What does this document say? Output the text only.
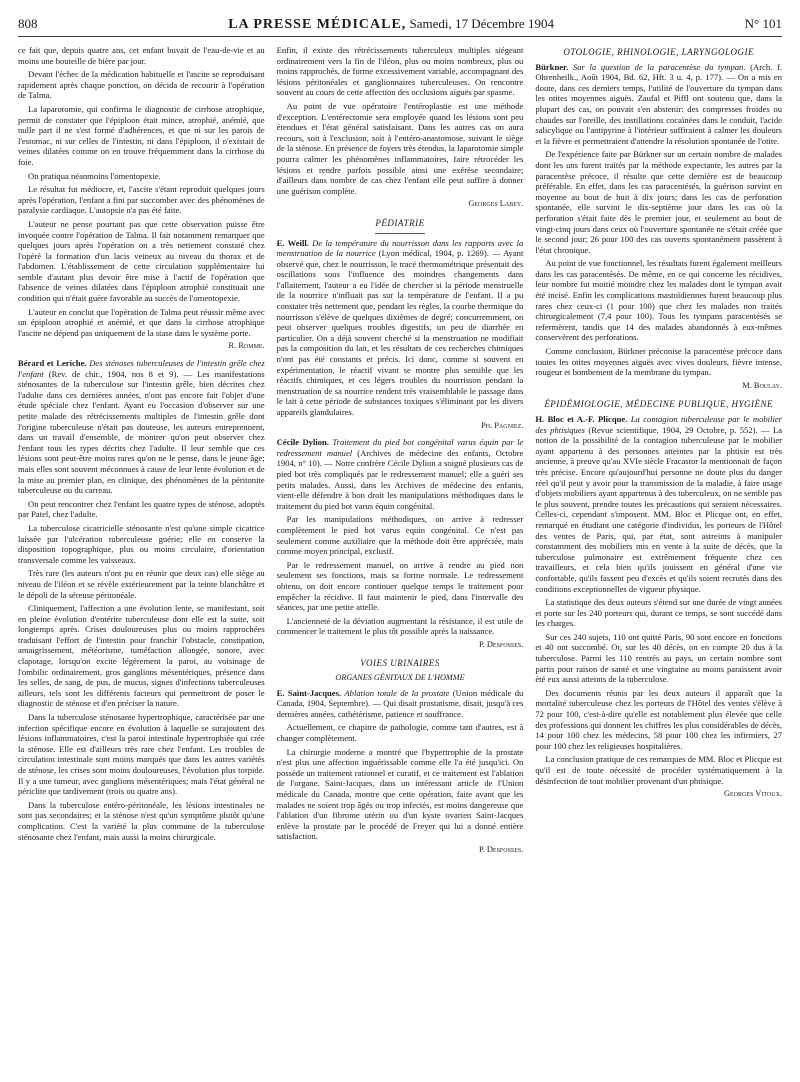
808	LA PRESSE MÉDICALE, Samedi, 17 Décembre 1904	N° 101

ce fait que, depuis quatre ans, cet enfant buvait de l'eau-de-vie et au moins une bouteille de bière par jour.

Devant l'échec de la médication habituelle et l'ascite se reproduisant rapidement après chaque ponction, on décida de recourir à l'opération de Talma.

La laparotomie, qui confirma le diagnostic de cirrhose atrophique, permit de constater que l'épiploon était mince, atrophié, anémié, que nulle part il ne s'est formé d'adhérences, et que ni sur les parois de l'estomac, ni sur celles de l'intestin, ni dans l'épiploon, il n'existait de veines dilatées comme on en trouve fréquemment dans la cirrhose du foie.

On pratiqua néanmoins l'omentopexie.

Le résultat fut médiocre, et, l'ascite s'étant reproduit quelques jours après l'opération, l'enfant a fini par succomber avec des phénomènes de paralysie cardiaque. L'autopsie n'a pas été faite.

L'auteur ne pense pourtant pas que cette observation puisse être invoquée contre l'opération de Talma. Il fait notamment remarquer que quelques jours après l'opération on a très nettement constaté chez l'opéré la formation d'un lacis veineux au niveau du thorax et de l'abdomen. L'établissement de cette circulation supplémentaire lui semble d'autant plus devoir être mise à l'actif de l'opération que l'absence de veines dilatées dans l'épiploon atrophié constituait une condition qui n'était guère favorable au succès de l'omentopexie.

L'auteur en conclut que l'opération de Talma peut réussir même avec un épiploon atrophié et anémié, et que dans la cirrhose atrophique l'ascite ne dépend pas uniquement de la stase dans le système porte.

R. Romme.

Bérard et Leriche. Des sténoses tuberculeuses de l'intestin grêle chez l'enfant (Rev. de chir., 1904, nos 8 et 9). — Les manifestations sténosantes de la tuberculose sur l'intestin grêle, bien décrites chez l'adulte dans ces dernières années, n'ont pas encore fait l'objet d'une étude spéciale chez l'enfant. Ayant eu l'occasion d'observer sur une petite malade des rétrécissements multiples de l'intestin grêle dont l'origine tuberculeuse n'était pas douteuse, les auteurs entreprennent, dans un travail d'ensemble, de montrer qu'on peut observer chez l'enfant tous les types décrits chez l'adulte. Il leur semble que ces lésions sont peut-être moins rares qu'on ne le pense, dans le jeune âge; mais elles sont souvent méconnues à cause de leur lente évolution et de la mise au premier plan, en clinique, des phénomènes de la péritonite tuberculeuse ou du carreau.

On peut rencontrer chez l'enfant les quatre types de sténose, adoptés par Patel, chez l'adulte.

La tuberculose cicatricielle sténosante n'est qu'une simple cicatrice laissée par l'ulcération tuberculeuse guérie; elle en conserve la disposition topographique, plus ou moins circulaire, d'orientation transversale comme les vaisseaux.

Très rare (les auteurs n'ont pu en réunir que deux cas) elle siège au niveau de l'iléon et se révèle extérieurement par la teinte blanchâtre et le dépoli de la séreuse péritonéale.

Cliniquement, l'affection a une évolution lente, se manifestant, soit en pleine évolution d'entérite tuberculeuse dont elle est la suite, soit longtemps après. Crises douloureuses plus ou moins rapprochées traduisant l'effort de l'intestin pour franchir l'obstacle, constipation, amaigrissement, météorisme, tuméfaction allongée, sonore, avec clapotage, lorsqu'on excite légèrement la paroi, au voisinage de l'ombilic ordinairement, gros ganglions mésentériques, présence dans les selles, de sang, de pus, de mucus, signes d'infections tuberculeuses ailleurs, tels sont les différents facteurs qui permettront de poser le diagnostic de sténose et d'en préciser la nature.

Dans la tuberculose sténosante hypertrophique, caractérisée par une infection spécifique encore en évolution à laquelle se surajoutent des lésions inflammatoires, c'est la paroi intestinale hypertrophiée qui crée la sténose. Elle est d'ailleurs très rare chez l'enfant. Les troubles de circulation intestinale sont moins marqués que dans les autres variétés de sténose, les crises sont moins douloureuses, l'évolution plus torpide. Il y a une tumeur, avec ganglions mésentériques; mais l'état général ne périclite que tardivement (trois ou quatre ans).

Dans la tuberculose entéro-péritonéale, les lésions intestinales ne sont pas secondaires; et la sténose n'est qu'un symptôme plutôt qu'une complication. C'est la variété la plus commune de la tuberculose sténosante chez l'enfant, mais aussi la moins chirurgicale.

Enfin, il existe des rétrécissements tuberculeux multiples siégeant ordinairement vers la fin de l'iléon, plus ou moins nombreux, plus ou moins rapprochés, de forme excessivement variable, accompagnant des lésions péritonéales et ganglionnaires tuberculeuses. On rencontre souvent au cours de cette affection des occlusions aiguës par spasme.

Au point de vue opératoire l'entéroplastie est une méthode d'exception. L'entérectomie sera employée quand les lésions sont peu étendues et l'état général satisfaisant. Dans les autres cas on aura recours, soit à l'exclusion, soit à l'entéro-anastomose, suivant le siège de la sténose. En présence de foyers très étendus, la laparotomie simple pourra calmer les phénomènes inflammatoires, faire rétrocéder les lésions et rendre parfois possible ainsi une exérèse secondaire; d'ailleurs dans nombre de cas chez l'enfant elle peut suffire à donner une guérison complète.

Georges Labey.
PÉDIATRIE

E. Weill. De la température du nourrisson dans les rapports avec la menstruation de la nourrice (Lyon médical, 1904, p. 1269). — Ayant observé que, chez le nourrisson, le tracé thermométrique présentait des oscillations sous l'influence des moindres changements dans l'allaitement, l'auteur a eu l'idée de chercher si la période menstruelle de la nourrice n'influait pas sur la température de l'enfant. Il a pu constater très nettement que, pendant les règles, la courbe thermique du nourrisson s'élève de quelques dixièmes de degré; concurremment, on peut observer quelques troubles digestifs, un peu de diarrhée en particulier. On a déjà souvent cherché si la menstruation ne modifiait pas la composition du lait, et les résultats de ces recherches chimiques n'ont pas été constants et précis. Ici donc, comme si souvent en expérimentation, le réactif vivant se montre plus sensible que les réactifs chimiques, et ces légers troubles du nourrisson pendant la menstruation de sa nourrice rendent très vraisemblable le passage dans le lait à cette période de substances toxiques s'éliminant par les divers appareils glandulaires.

Ph. Pagniez.

Cécile Dylion. Traitement du pied bot congénital varus équin par le redressement manuel (Archives de médecine des enfants, Octobre 1904, n° 10). — Notre confrère Cécile Dylion a soigné plusieurs cas de pied bot très compliqués par le redressement manuel; elle a guéri ses petits malades. Aussi, dans les Archives de médecine des enfants, vient-elle défendre à bon droit les manipulations méthodiques dans le traitement du pied bot varus équin congénital.

Par les manipulations méthodiques, on arrive à redresser complètement le pied bot varus equin congénital. Ce n'est pas seulement comme auxiliaire que la méthode doit être appréciée, mais comme moyen principal, exclusif.

Par le redressement manuel, on arrive à rendre au pied non seulement ses fonctions, mais sa forme normale. Le redressement obtenu, on doit encore continuer quelque temps le traitement pour empêcher la récidive. Il faut maintenir le pied, dans l'intervalle des séances, par une petite attelle.

L'ancienneté de la déviation augmentant la résistance, il est utile de commencer le traitement le plus tôt possible après la naissance.

P. Desfosses.
VOIES URINAIRES
ORGANES GÉNITAUX DE L'HOMME

E. Saint-Jacques. Ablation totale de la prostate (Union médicale du Canada, 1904, Septembre). — Qui disait prostatisme, disait, jusqu'à ces dernières années, cathétérisme, patience et souffrance.

Actuellement, ce chapitre de pathologie, comme tant d'autres, est à changer complètement.

La chirurgie moderne a montré que l'hypertrophie de la prostate n'est plus une affection inguérissable comme elle l'a été jusqu'ici. On possède un traitement rationnel et curatif, et ce traitement est l'ablation de l'organe. Saint-Jacques, dans un intéressant article de l'Union médicale du Canada, montre que cette opération, faite avant que les malades ne soient trop âgés ou trop infectés, est moins dangereuse que l'ablation d'un fibrome utérin ou d'un kyste ovarien Saint-Jacques enlève la prostate par le procédé de Freyer qui lui a donné entière satisfaction.

P. Desfosses.
OTOLOGIE, RHINOLOGIE, LARYNGOLOGIE

Bürkner. Sur la question de la paracentèse du tympan. (Arch. f. Ohrenheilk., Août 1904, Bd. 62, Hft. 3 u. 4, p. 177). — On a mis en doute, dans ces derniers temps, l'utilité de l'ouverture du tympan dans les otites moyennes aiguës. Zaufal et Piffl ont soutenu que, dans la plupart des cas, on pouvait s'en abstenir: des compresses froides ou chaudes sur l'oreille, des instillations cocaïnées dans le conduit, l'acide salicylique ou l'antipyrine à l'intérieur suffiraient à calmer les douleurs et la fièvre et permettraient d'attendre la résolution spontanée de l'otite.

De l'expérience faite par Bürkner sur un certain nombre de malades dont les uns furent traités par la méthode expectante, les autres par la paracentèse précoce, il résulte que cette dernière est de beaucoup préférable. En effet, dans les cas paracentésés, la guérison survint en moyenne au bout de huit à dix jours; dans les cas de perforation spontanée, elle survint le dix-septième jour dans les cas où la perforation s'était faite dès le premier jour, et seulement au bout de vingt-cinq jours dans ceux où l'ouverture spontanée ne s'était créée que le second jour; 26 pour 100 des cas ouverts spontanément passèrent à l'état chronique.

Au point de vue fonctionnel, les résultats furent également meilleurs dans les cas paracentésés. De même, en ce qui concerne les récidives, leur nombre fut moitié moindre chez les malades dont le tympan avait été incisé. Enfin les complications mastoïdiennes furent beaucoup plus rares chez ceux-ci (1 pour 100) que chez les malades non traités chirurgicalement (7,4 pour 100). Tous les tympans paracentésés se refermèrent, tandis que 14 des malades abandonnés à eux-mêmes conservèrent des perforations.

Comme conclusion, Bürkner préconise la paracentèse précoce dans toutes les otites moyennes aiguës avec vives douleurs, fièvre intense, rougeur et bombement de la membrane du tympan.

M. Boulay.
ÉPIDÉMIOLOGIE, MÉDECINE PUBLIQUE, HYGIÈNE

H. Bloc et A.-F. Plicque. La contagion tuberculeuse par le mobilier des phtisiques (Revue scientifique, 1904, 29 Octobre, p. 552). — La notion de la possibilité de la contagion tuberculeuse par le mobilier ayant appartenu à des personnes atteintes par la phtisie est très ancienne, à preuve qu'au XVIe siècle Fracastor la mentionnait de façon très précise. Encore qu'aujourd'hui personne ne doute plus du danger réel qu'il peut y avoir pour la transmission de la maladie, à faire usage d'objets mobiliers ayant appartenus à des tuberculeux, on ne semble pas le plus souvent, prendre toutes les précautions qui seraient nécessaires. Celles-ci, cependant s'imposent. MM. Bloc et Plicque ont, en effet, remarqué en étudiant une catégorie d'individus, les porteurs de l'Hôtel des ventes de Paris, qui, par état, sont astreints à manipuler constamment des mobiliers mis en vente à la suite de décès, que la tuberculose pulmonaire est extrêmement fréquente chez ces travailleurs, et cela bien qu'ils jouissent en général d'une vie confortable, qu'ils fassent peu d'excès et qu'ils soient recrutés dans des conditions exceptionnelles de vigueur physique.

La statistique des deux auteurs s'étend sur une durée de vingt années et porte sur les 240 porteurs qui, durant ce temps, se sont succédé dans les charges.

Sur ces 240 sujets, 110 ont quitté Paris, 90 sont encore en fonctions et 40 ont succombé. Or, sur les 40 décès, on en compte 20 dus à la tuberculose. Parmi les 110 rentrés au pays, un certain nombre sont partis pour raison de santé et une vingtaine au moins paraissent avoir été eux aussi atteints de la tuberculose.

Des documents réunis par les deux auteurs il apparaît que la mortalité tuberculeuse chez les porteurs de l'Hôtel des ventes s'élève à 72 pour 100, c'est-à-dire qu'elle est notablement plus élevée que celle des professions qui donnent les chiffres les plus considérables de décès, 14 pour 100 chez les médecins, 58 pour 100 chez les infirmiers, 27 pour 100 chez les religieuses hospitalières.

La conclusion pratique de ces remarques de MM. Bloc et Plicque est qu'il est de toute nécessité de procéder systématiquement à la désinfection de tout mobilier provenant d'un phtisique.

Georges Vitoux.
